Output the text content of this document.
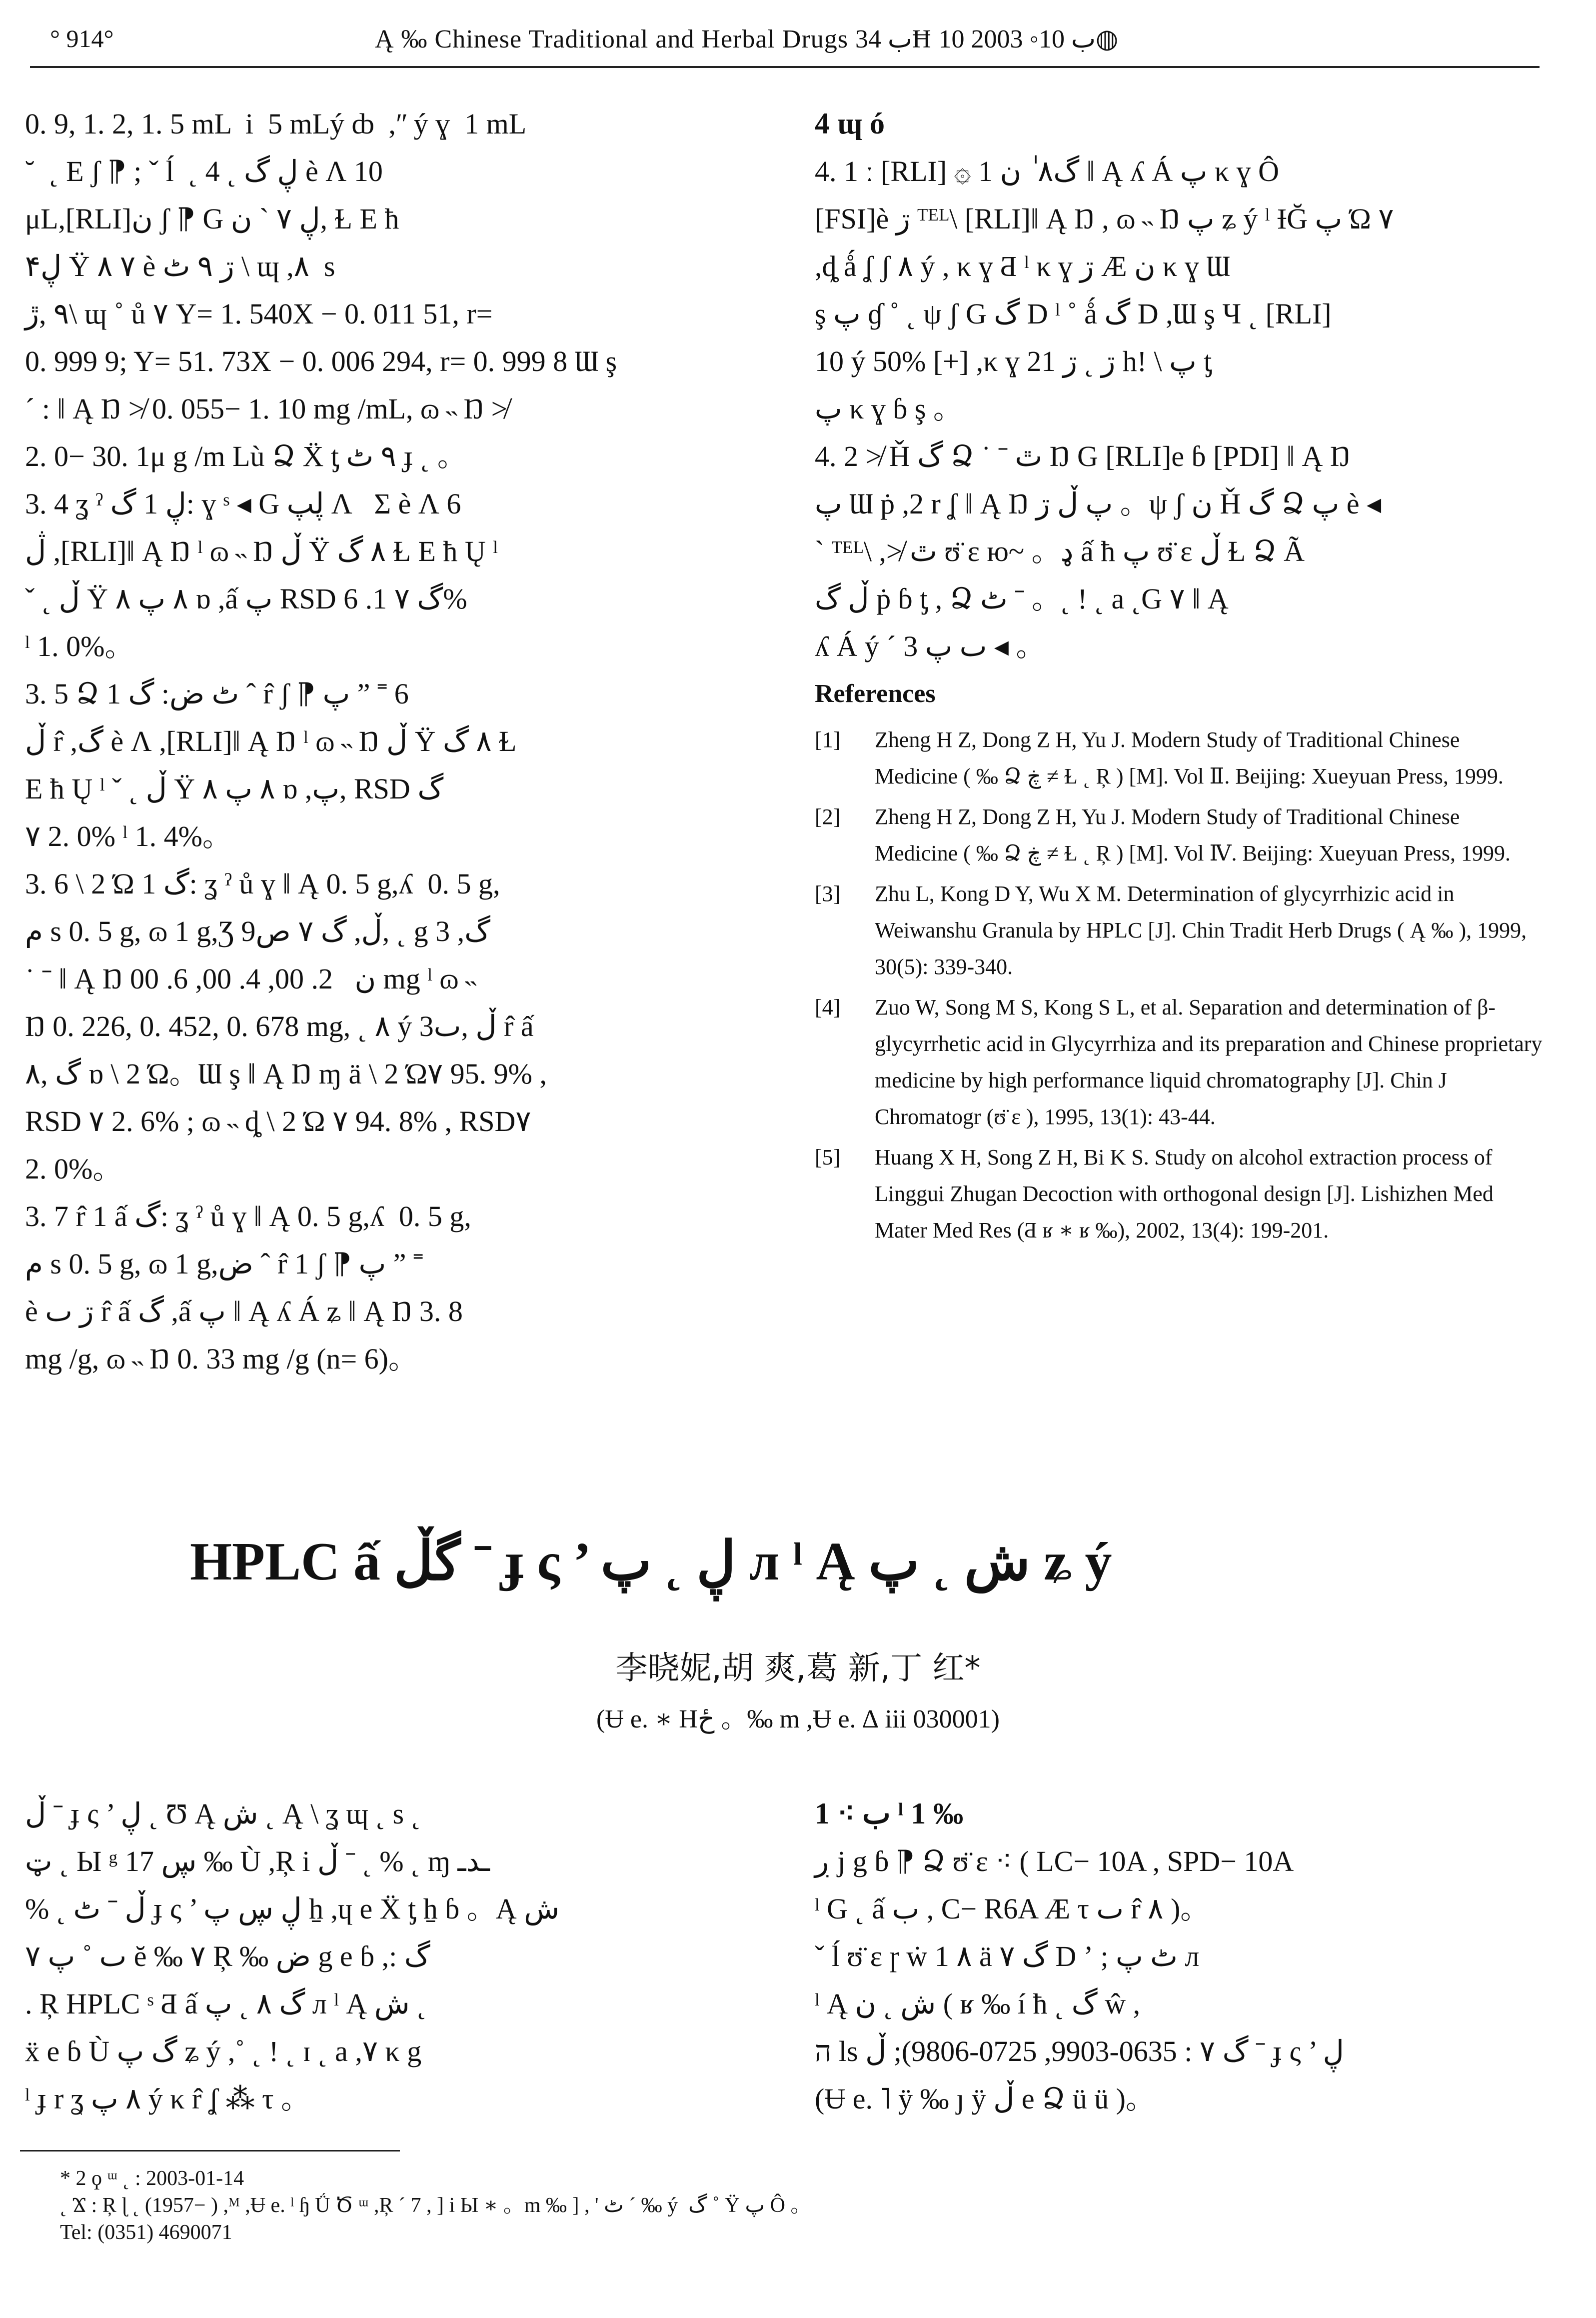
° 914°	Ą ‰ Chinese Traditional and Herbal Drugs ب 34Ħ ب 10◦ 2003 10◍

0. 9, 1. 2, 1. 5 mL  i  5 mLý ȸ  ,ʺ ý ɣ  1 mL

˘  ˛ E ʃ ⁋ ; ˇ ĺ  ˛ 4 ˛ ڸ گ è Ʌ 10

μL,[RLI]ن ʃ ⁋ G ڸ ۷ ` ن, Ɫ E ħ

ڸ۴ Ÿ ٨ ۷ è ڗ ٩ ٹ \ ɰ ,٨  s

٩ ,ڙ\ ɰ ˚ ů ۷ Y= 1. 540X − 0. 011 51, r=

0. 999 9; Y= 51. 73X − 0. 006 294, r= 0. 999 8 Ɯ ş

´ : ǁ Ą Ŋ ≯ 0. 055− 1. 10 mg /mL, ɷ ˵ Ŋ ≯

2. 0− 30. 1μ g /m Lù Ձ Ẍ ƫ ٩ ٹ ɟ ˛ 。

3. 4 ʓ ˀ ڸ 1 گ: ɣ ˢ ◂ G ڸپ Ʌ   Σ è Ʌ 6

ڷ ,[RLI]ǁ Ą Ŋ ˡ ɷ ˵ Ŋ ڵ Ÿ ٨ گ Ɫ E ħ Ų ˡ

ˇ ˛ ڵ Ÿ ٨ پ ٨ ɒ ,ấ پ RSD گ ۷ 1. 6%

ˡ 1. 0%。

3. 5 Ձ 1 ٹ ض: گ ˆ r̂ ʃ ⁋ پ ˮ ˭ 6

ڵ r̂ ,گ è Ʌ ,[RLI]ǁ Ą Ŋ ˡ ɷ ˵ Ŋ ڵ Ÿ ٨ گ Ɫ

E ħ Ų ˡ ˇ ˛ ڵ Ÿ ٨ پ ٨ ɒ ,پ, RSD گ

۷ 2. 0% ˡ 1. 4%。

3. 6 \ 2 Ώ 1 گ: ʓ ˀ ů ɣ ǁ Ą 0. 5 g,ʎ  0. 5 g,

م s 0. 5 g, ɷ 1 g,Ʒ 9ڵ, گ ۷ ص, ˛ g 3 ,گ

˙ ˉ ǁ Ą Ŋ ن   2. 00, 4. 00, 6. 00 mg ˡ ɷ ˵

Ŋ 0. 226, 0. 452, 0. 678 mg, ˛ ٨ ý 3ڵ ,ٮ r̂ ấ

گ ,٨ ɒ \ 2 Ώ。Ɯ ş ǁ Ą Ŋ ɱ ä \ 2 Ώ۷ 95. 9% ,

RSD ۷ 2. 6% ; ɷ ˵ ȡ \ 2 Ώ ۷ 94. 8% , RSD۷

2. 0%。

3. 7 r̂ 1 ấ گ: ʓ ˀ ů ɣ ǁ Ą 0. 5 g,ʎ  0. 5 g,

م s 0. 5 g, ɷ 1 g,ض ˆ r̂ 1 ʃ ⁋ پ ˮ ˭

è ڗ ٮ r̂ ấ گ ,ấ پ ǁ Ą ʎ Á ʑ ǁ Ą Ŋ 3. 8

mg /g, ɷ ˵ Ŋ 0. 33 mg /g (n= 6)。

4 ɰ ó

4. 1 ː [RLI] ۞ 1 گ٨ ٰ ن ǁ Ą ʎ Á پ κ ɣ Ô

[FSI]è ڗ ᵀᴱᴸ\ [RLI]ǁ Ą Ŋ , ɷ ˵ Ŋ پ ʑ ý ˡ ƗĞ پ Ώ ۷

,ȡ ǻ ʆ ʃ ٨ ý , κ ɣ Ƌ ˡ κ ɣ ڗ Æ ن κ ɣ Ɯ

ş پ ɠ ˚ ˛ ψ ʃ G گ D ˡ ˚ ǻ گ D ,Ɯ ş Ч ˛ [RLI]

10 ý 50% [+] ,κ ɣ 2ڗ ˛ ڗ 1 h! \ پ ƫ

پ κ ɣ ɓ ş 。

4. 2 ≯ Ȟ گ Ձ ˙ ˉ ٿ Ŋ G [RLI]e ɓ [PDI] ǁ Ą Ŋ

پ Ɯ ṗ ,2 r ʆ ǁ Ą Ŋ پ ڵ ڗ 。ψ ʃ ن Ȟ گ Ձ پ è ◂

` ᵀᴱᴸ\ ,≯ ٿ ʊ̈ ɛ ю~ 。ډ ấ ħ پ ʊ̈ ɛ ڵ Ɫ Ձ Ã

ڵ گ ṗ ɓ ƫ , Ձ ٹ ˉ 。˛ ! ˛ a ˛G ۷ ǁ Ą

ʎ Á ý ˊ ٮ پ 3 ◂ 。

References

[1]	Zheng H Z, Dong Z H, Yu J. Modern Study of Traditional Chinese Medicine ( ‰ Ձ ڿ ≠ Ɫ ˛ Ŗ ) [M]. Vol Ⅱ. Beijing: Xueyuan Press, 1999.
[2]	Zheng H Z, Dong Z H, Yu J. Modern Study of Traditional Chinese Medicine ( ‰ Ձ ڿ ≠ Ɫ ˛ Ŗ ) [M]. Vol Ⅳ. Beijing: Xueyuan Press, 1999.
[3]	Zhu L, Kong D Y, Wu X M. Determination of glycyrrhizic acid in Weiwanshu Granula by HPLC [J]. Chin Tradit Herb Drugs ( Ą ‰ ), 1999, 30(5): 339-340.
[4]	Zuo W, Song M S, Kong S L, et al. Separation and determination of β-glycyrrhetic acid in Glycyrrhiza and its preparation and Chinese proprietary medicine by high performance liquid chromatography [J]. Chin J Chromatogr (ʊ̈ ɛ ), 1995, 13(1): 43-44.
[5]	Huang X H, Song Z H, Bi K S. Study on alcohol extraction process of Linggui Zhugan Decoction with orthogonal design [J]. Lishizhen Med Mater Med Res (Ƌ ʁ ∗ ʁ ‰), 2002, 13(4): 199-201.
HPLC ấ گڵ ˉ ɟ ς ’ ڸ ˛ پ л ˡ Ą ش ˛ پ ʑ ý
李晓妮,胡 爽,葛 新,丁 红*
(Ʉ e. ∗ Hځ 。‰ m ,Ʉ e. ∆ iii 030001)

ڵ ˉ ɟ ς ’ ڸ ˛ Ʊ Ą ش ˛ Ą \ ʓ ɰ ˛ s ˛

ټ ˛ Ы ᵍ ڛ 17 ‰ Ù ,Ŗ i ڵ ˉ ˛ % ˛ ɱ ـدـ

% ˛ ڵ ˉ ٹ ɟ ς ’ ڸ ڛ پ ẖ ,ɥ e Ẍ ƫ ẖ ɓ 。Ą ش

۷ ٮ ˚ پ ĕ ‰ ۷ Ŗ ‰ ض g e ɓ ,: گ

. Ŗ HPLC ˢ Ƌ ấ گ ٨ ˛ پ л ˡ Ą ش ˛

ẍ e ɓ Ù گ پ ʑ ý ,˚ ˛ ! ˛ ɪ ˛ a ,۷ κ g

ˡ ɟ r ʓ ٨ پ ý κ r̂ ʆ ⁂ τ 。

1 ⁖ ب ˡ 1 ‰

ڔ j g ɓ ⁋ Ձ ʊ̈ ɛ ⁖ ( LC− 10A , SPD− 10A

ˡ G ˛ ấ ب , C− R6A Æ τ ٮ r̂ ٨ )。

ˇ ĺ ʊ̈ ɛ ɼ ẇ 1 ٨ ä ۷ گ D ʼ ; ٹ پ л

ˡ Ą ش ˛ ن ( ʁ ‰ í ħ ˛ گ ŵ ,

ה ls گ ۷ : 0635-9903, 0725-9806); ڵ ˉ ɟ ς ’ ڸ

(Ʉ e. ˥ ÿ ‰ ȷ ÿ ڵ e Ձ ü ü )。

* 2 ϙ ᵚ ˛ : 2003-01-14

˛ Ϫ : Ŗ ɭ ˛ (1957− ) ,ᴹ ,Ʉ e. ˡ ɧ Ǘ Ծ ᵚ ,Ŗ ˊ 7 , ] i Ы ∗ 。m ‰ ] , ' ٹ ˊ ‰ ý  گ ˚ Ÿ پ Ô 。

Tel: (0351) 4690071
